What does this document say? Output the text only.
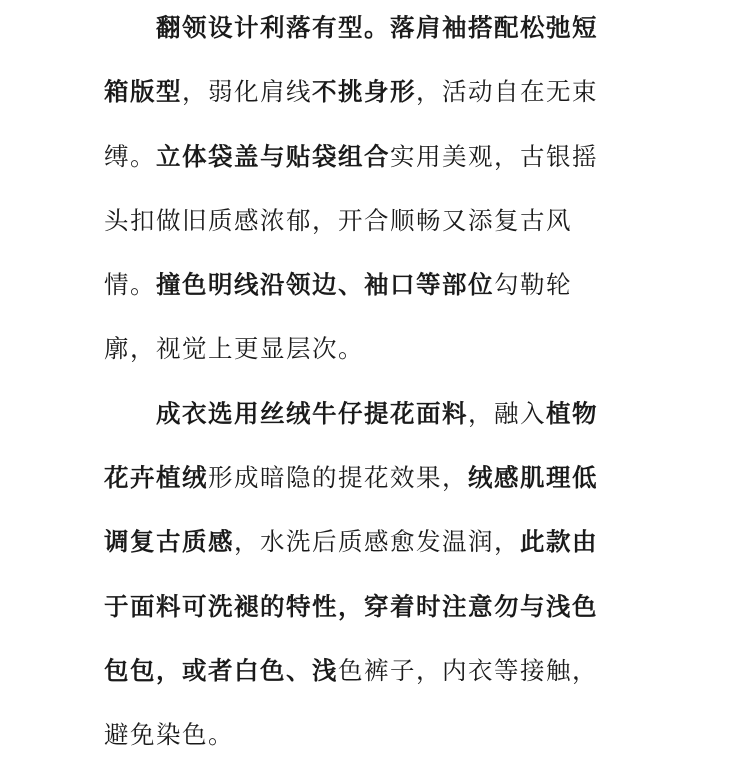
翻领设计利落有型。落肩袖搭配松弛短
箱版型，弱化肩线不挑身形，活动自在无束
缚。立体袋盖与贴袋组合实用美观，古银摇
头扣做旧质感浓郁，开合顺畅又添复古风
情。撞色明线沿领边、袖口等部位勾勒轮
廓，视觉上更显层次。
成衣选用丝绒牛仔提花面料，融入植物
花卉植绒形成暗隐的提花效果，绒感肌理低
调复古质感，水洗后质感愈发温润，此款由
于面料可洗褪的特性，穿着时注意勿与浅色
包包，或者白色、浅色裤子，内衣等接触，
避免染色。
